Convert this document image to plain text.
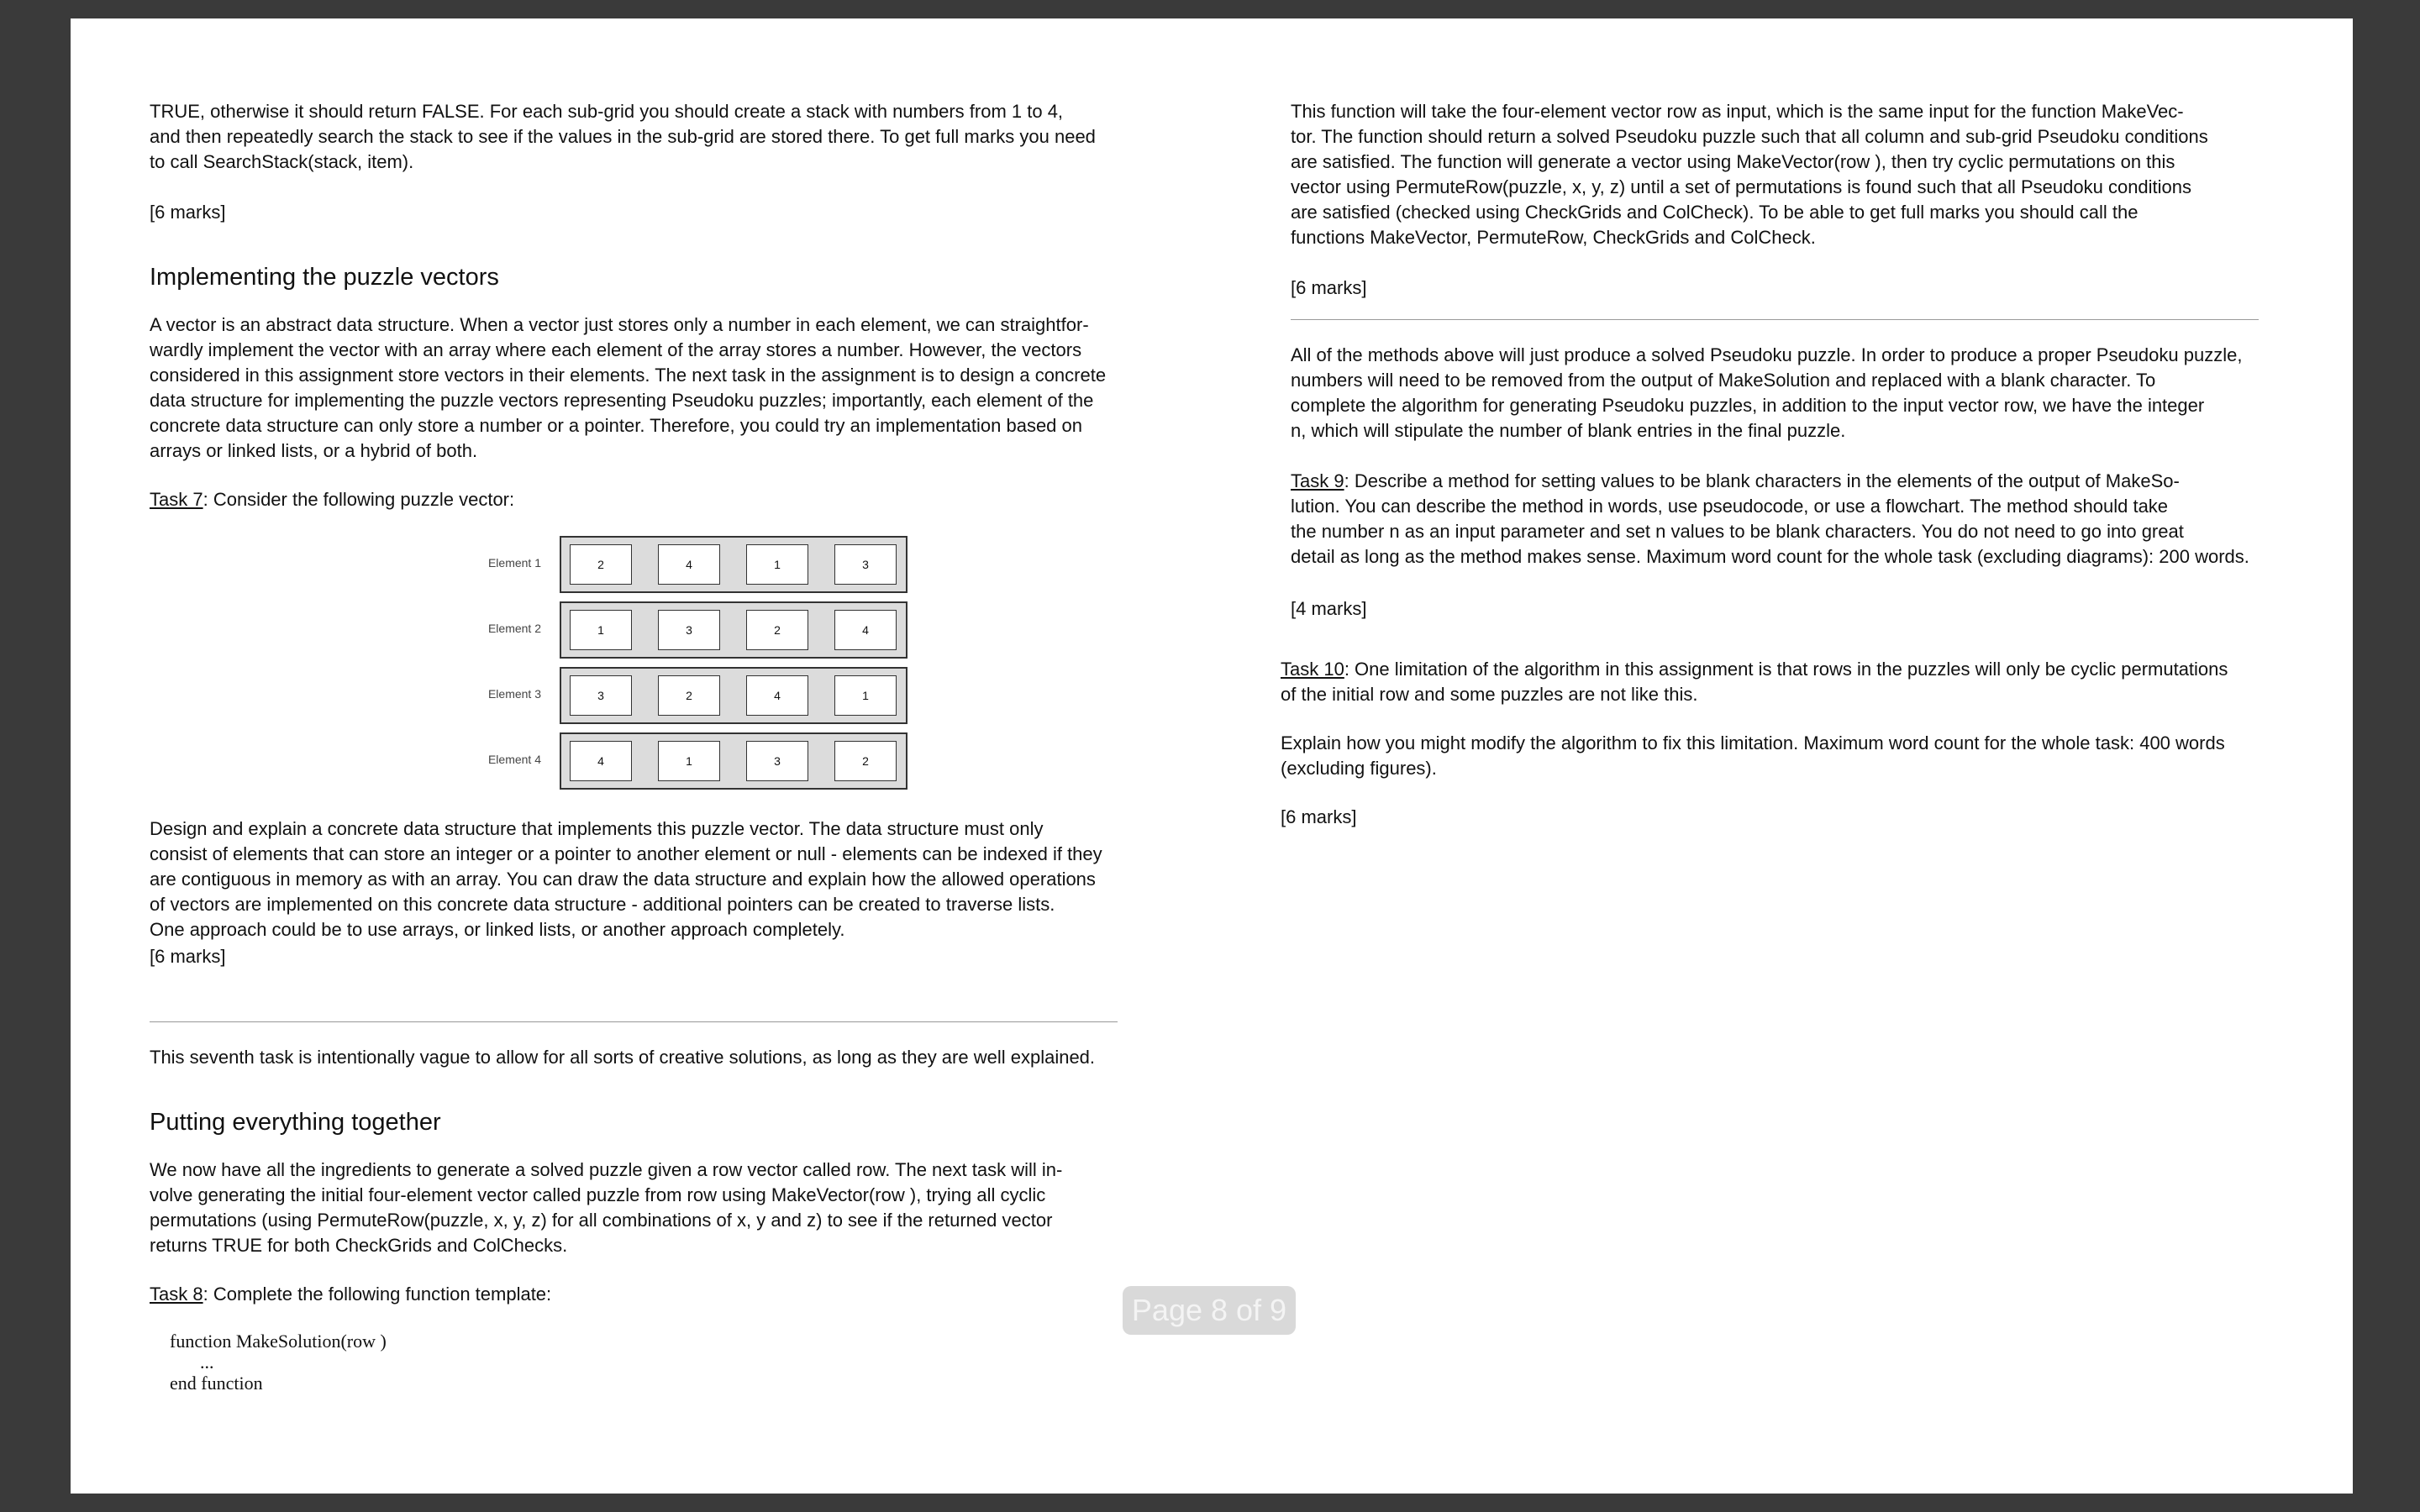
TRUE, otherwise it should return FALSE. For each sub-grid you should create a stack with numbers from 1 to 4,
and then repeatedly search the stack to see if the values in the sub-grid are stored there. To get full marks you need
to call SearchStack(stack, item).

[6 marks]

Implementing the puzzle vectors
A vector is an abstract data structure. When a vector just stores only a number in each element, we can straightfor-
wardly implement the vector with an array where each element of the array stores a number. However, the vectors
considered in this assignment store vectors in their elements. The next task in the assignment is to design a concrete
data structure for implementing the puzzle vectors representing Pseudoku puzzles; importantly, each element of the
concrete data structure can only store a number or a pointer. Therefore, you could try an implementation based on
arrays or linked lists, or a hybrid of both.

Task 7: Consider the following puzzle vector:

Design and explain a concrete data structure that implements this puzzle vector. The data structure must only
consist of elements that can store an integer or a pointer to another element or null - elements can be indexed if they
are contiguous in memory as with an array. You can draw the data structure and explain how the allowed operations
of vectors are implemented on this concrete data structure - additional pointers can be created to traverse lists.
One approach could be to use arrays, or linked lists, or another approach completely.

[6 marks]

This seventh task is intentionally vague to allow for all sorts of creative solutions, as long as they are well explained.

Putting everything together
We now have all the ingredients to generate a solved puzzle given a row vector called row. The next task will in-
volve generating the initial four-element vector called puzzle from row using MakeVector(row ), trying all cyclic
permutations (using PermuteRow(puzzle, x, y, z) for all combinations of x, y and z) to see if the returned vector
returns TRUE for both CheckGrids and ColChecks.

Task 8: Complete the following function template:

function MakeSolution(row )
...
end function
Element 1	2	4	1	3
Element 2	1	3	2	4
Element 3	3	2	4	1
Element 4	4	1	3	2
This function will take the four-element vector row as input, which is the same input for the function MakeVec-
tor. The function should return a solved Pseudoku puzzle such that all column and sub-grid Pseudoku conditions
are satisfied. The function will generate a vector using MakeVector(row ), then try cyclic permutations on this
vector using PermuteRow(puzzle, x, y, z) until a set of permutations is found such that all Pseudoku conditions
are satisfied (checked using CheckGrids and ColCheck). To be able to get full marks you should call the
functions MakeVector, PermuteRow, CheckGrids and ColCheck.

[6 marks]

All of the methods above will just produce a solved Pseudoku puzzle. In order to produce a proper Pseudoku puzzle,
numbers will need to be removed from the output of MakeSolution and replaced with a blank character. To
complete the algorithm for generating Pseudoku puzzles, in addition to the input vector row, we have the integer
n, which will stipulate the number of blank entries in the final puzzle.
Task 9: Describe a method for setting values to be blank characters in the elements of the output of MakeSo-
lution. You can describe the method in words, use pseudocode, or use a flowchart. The method should take
the number n as an input parameter and set n values to be blank characters. You do not need to go into great
detail as long as the method makes sense. Maximum word count for the whole task (excluding diagrams): 200 words.

[4 marks]

Task 10: One limitation of the algorithm in this assignment is that rows in the puzzles will only be cyclic permutations
of the initial row and some puzzles are not like this.
Explain how you might modify the algorithm to fix this limitation. Maximum word count for the whole task: 400 words
(excluding figures).

[6 marks]

Page 8 of 9
